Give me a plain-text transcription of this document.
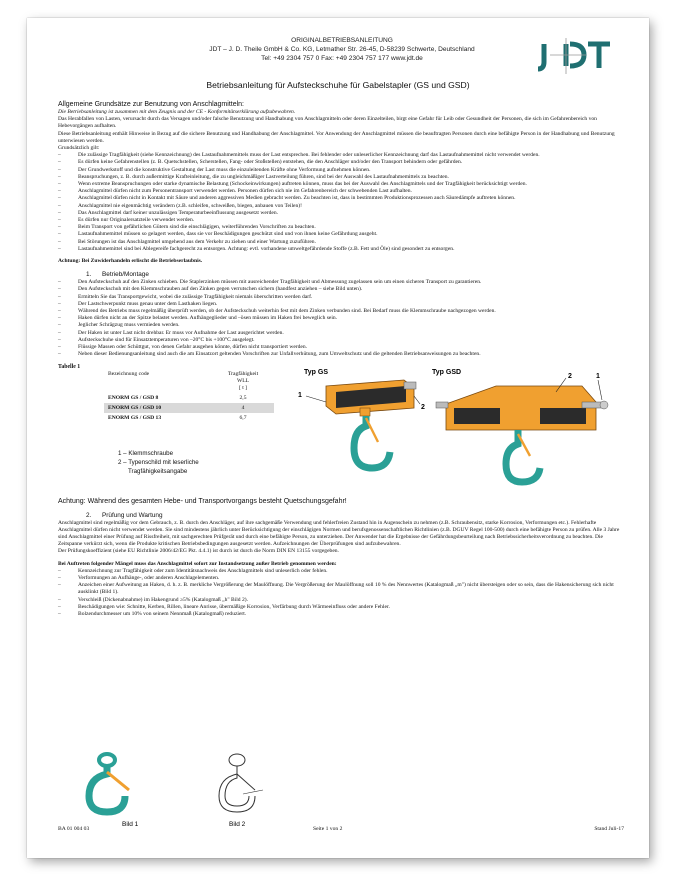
ORIGINALBETRIEBSANLEITUNG
JDT – J. D. Theile GmbH & Co. KG, Letmather Str. 26-45, D-58239 Schwerte, Deutschland
Tel: +49 2304 757 0 Fax: +49 2304 757 177 www.jdt.de
Betriebsanleitung für Aufsteckschuhe für Gabelstapler (GS und GSD)

Allgemeine Grundsätze zur Benutzung von Anschlagmitteln:

Die Betriebsanleitung ist zusammen mit dem Zeugnis und der CE - Konformitätserklärung aufzubewahren.

Das Herabfallen von Lasten, verursacht durch das Versagen und/oder falsche Benutzung und Handhabung von Anschlagmitteln oder deren Einzelteilen, birgt eine Gefahr für Leib oder Gesundheit der Personen, die sich im Gefahrenbereich von Hebevorgängen aufhalten.

Diese Betriebsanleitung enthält Hinweise in Bezug auf die sichere Benutzung und Handhabung der Anschlagmittel. Vor Anwendung der Anschlagmittel müssen die beauftragten Personen durch eine befähigte Person in der Handhabung und Benutzung unterwiesen werden.

Grundsätzlich gilt:

– Die zulässige Tragfähigkeit (siehe Kennzeichnung) des Lastaufnahmemittels muss der Last entsprechen. Bei fehlender oder unleserlicher Kennzeichnung darf das Lastaufnahmemittel nicht verwendet werden.
– Es dürfen keine Gefahrenstellen (z. B. Quetschstellen, Scherstellen, Fang- oder Stoßstellen) entstehen, die den Anschläger und/oder den Transport behindern oder gefährden.
– Der Grundwerkstoff und die konstruktive Gestaltung der Last muss die einzuleitenden Kräfte ohne Verformung aufnehmen können.
– Beanspruchungen, z. B. durch außermittige Krafteinleitung, die zu ungleichmäßiger Lastverteilung führen, sind bei der Auswahl des Lastaufnahmemittels zu beachten.
– Wenn extreme Beanspruchungen oder starke dynamische Belastung (Schockeinwirkungen) auftreten können, muss das bei der Auswahl des Anschlagmittels und der Tragfähigkeit berücksichtigt werden.
– Anschlagmittel dürfen nicht zum Personentransport verwendet werden. Personen dürfen sich nie im Gefahrenbereich der schwebenden Last aufhalten.
– Anschlagmittel dürfen nicht in Kontakt mit Säure und anderen aggressiven Medien gebracht werden. Zu beachten ist, dass in bestimmten Produktionsprozessen auch Säuredämpfe auftreten können.
– Anschlagmittel nie eigenmächtig verändern (z.B. schleifen, schweißen, biegen, anbauen von Teilen)!
– Das Anschlagmittel darf keiner unzulässigen Temperaturbeeinflussung ausgesetzt werden.
– Es dürfen nur Originalersatzteile verwendet werden.
– Beim Transport von gefährlichen Gütern sind die einschlägigen, weiterführenden Vorschriften zu beachten.
– Lastaufnahmemittel müssen so gelagert werden, dass sie vor Beschädigungen geschützt sind und von ihnen keine Gefährdung ausgeht.
– Bei Störungen ist das Anschlagmittel umgehend aus dem Verkehr zu ziehen und einer Wartung zuzuführen.
– Lastaufnahmemittel sind bei Ablegereife fachgerecht zu entsorgen. Achtung: evtl. vorhandene umweltgefährdende Stoffe (z.B. Fett und Öle) sind gesondert zu entsorgen.

Achtung: Bei Zuwiderhandeln erlischt die Betriebserlaubnis.

1. Betrieb/Montage

– Den Aufsteckschuh auf den Zinken schieben. Die Staplerzinken müssen mit ausreichender Tragfähigkeit und Abmessung zugelassen sein um einen sicheren Transport zu garantieren.
– Den Aufsteckschuh mit den Klemmschrauben auf den Zinken gegen verrutschen sichern (handfest anziehen – siehe Bild unten).
– Ermitteln Sie das Transportgewicht, wobei die zulässige Tragfähigkeit niemals überschritten werden darf.
– Der Lastschwerpunkt muss genau unter dem Lasthaken liegen.
– Während des Betriebs muss regelmäßig überprüft werden, ob der Aufsteckschuh weiterhin fest mit dem Zinken verbunden sind. Bei Bedarf muss die Klemmschraube nachgezogen werden.
– Haken dürfen nicht an der Spitze belastet werden. Aufhängeglieder und –ösen müssen im Haken frei beweglich sein.
– Jeglicher Schrägzug muss vermieden werden.
– Der Haken ist unter Last nicht drehbar. Er muss vor Aufnahme der Last ausgerichtet werden.
– Aufsteckschuhe sind für Einsatztemperaturen von –20°C bis +100°C ausgelegt.
– Flüssige Massen oder Schüttgut, von denen Gefahr ausgehen könnte, dürfen nicht transportiert werden.
– Neben dieser Bedienungsanleitung sind auch die am Einsatzort geltenden Vorschriften zur Unfallverhütung, zum Umweltschutz und die geltenden Betriebsanweisungen zu beachten.
Tabelle 1
Bezeichnung code	Tragfähigkeit
WLL
[ t ]

ENORM GS / GSD 8	2,5
ENORM GS / GSD 10	4
ENORM GS / GSD 13	6,7
1 – Klemmschraube
2 – Typenschild mit leserliche
Tragfähigkeitsangabe
Typ GS	Typ GSD
1
2
2	1

Achtung: Während des gesamten Hebe- und Transportvorgangs besteht Quetschungsgefahr!

2. Prüfung und Wartung

Anschlagmittel sind regelmäßig vor dem Gebrauch, z. B. durch den Anschläger, auf ihre sachgemäße Verwendung und fehlerfreien Zustand hin in Augenschein zu nehmen (z.B. Schraubensitz, starke Korrosion, Verformungen etc.). Fehlerhafte Anschlagmittel dürfen nicht verwendet werden. Sie sind mindestens jährlich unter Berücksichtigung der einschlägigen Normen und berufsgenossenschaftlichen Richtlinien (z.B. DGUV Regel 100-500) durch eine befähigte Person zu prüfen. Alle 3 Jahre sind Anschlagmittel einer Prüfung auf Rissfreiheit, mit sachgerechten Prüfgerät und durch eine befähigte Person, zu unterziehen. Der Anwender hat die Ergebnisse der Gefährdungsbeurteilung nach Betriebssicherheitsverordnung zu beachten. Die Zeitspanne verkürzt sich, wenn die Produkte kritischen Betriebsbedingungen ausgesetzt werden. Aufzeichnungen der Überprüfungen sind aufzubewahren.

Der Prüfungskoeffizient (siehe EU Richtlinie 2006/42/EG Pkt. 4.4.1) ist durch ist durch die Norm DIN EN 13155 vorgegeben.

Bei Auftreten folgender Mängel muss das Anschlagmittel sofort zur Instandsetzung außer Betrieb genommen werden:

– Kennzeichnung zur Tragfähigkeit oder zum Identitätsnachweis des Anschlagmittels sind unleserlich oder fehlen.
– Verformungen an Aufhänge-, oder anderen Anschlagelementen.
– Anzeichen einer Aufweitung an Haken, d. h. z. B. merkliche Vergrößerung der Maulöffnung. Die Vergrößerung der Maulöffnung soll 10 % des Nennwertes (Katalogmaß „m") nicht übersteigen oder so sein, dass die Hakensicherung sich nicht ausklinkt (Bild 1).
– Verschleiß (Dickenabnahme) im Hakengrund ≥5% (Katalogmaß „h" Bild 2).
– Beschädigungen wie: Schnitte, Kerben, Rillen, lineare Anrisse, übermäßige Korrosion, Verfärbung durch Wärmeeinfluss oder andere Fehler.
– Bolzendurchmesser um 10% von seinem Nennmaß (Katalogmaß) reduziert.
Bild 1	Bild 2
BA 01 004 03	Seite 1 von 2	Stand Juli-17
